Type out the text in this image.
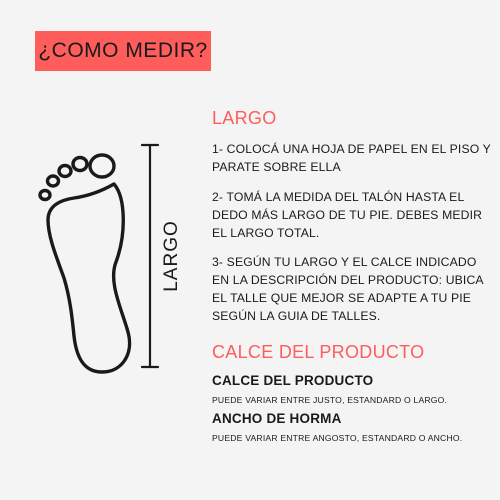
¿COMO MEDIR?
LARGO
LARGO

1- COLOCÁ UNA HOJA DE PAPEL EN EL PISO Y PARATE SOBRE ELLA

2- TOMÁ LA MEDIDA DEL TALÓN HASTA EL DEDO MÁS LARGO DE TU PIE. DEBES MEDIR EL LARGO TOTAL.

3- SEGÚN TU LARGO Y EL CALCE INDICADO EN LA DESCRIPCIÓN DEL PRODUCTO: UBICA EL TALLE QUE MEJOR SE ADAPTE A TU PIE SEGÚN LA GUIA DE TALLES.

CALCE DEL PRODUCTO

CALCE DEL PRODUCTO

PUEDE VARIAR ENTRE JUSTO, ESTANDARD O LARGO.

ANCHO DE HORMA

PUEDE VARIAR ENTRE ANGOSTO, ESTANDARD O ANCHO.
